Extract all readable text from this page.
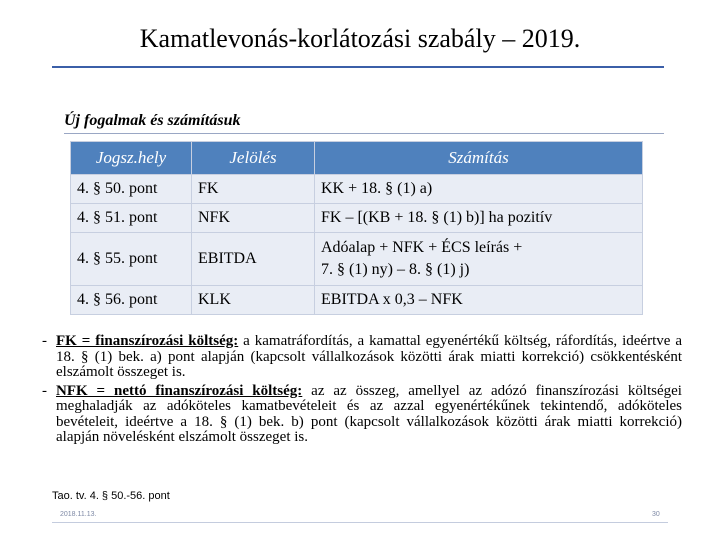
Kamatlevonás-korlátozási szabály – 2019.
Új fogalmak és számításuk
Jogsz.hely	Jelölés	Számítás
4. § 50. pont	FK	KK + 18. § (1) a)
4. § 51. pont	NFK	FK – [(KB + 18. § (1) b)] ha pozitív
4. § 55. pont	EBITDA	Adóalap + NFK + ÉCS leírás +
7. § (1) ny) – 8. § (1) j)

4. § 56. pont	KLK	EBITDA x 0,3 – NFK
- FK = finanszírozási költség: a kamatráfordítás, a kamattal egyenértékű költség, ráfordítás, ideértve a 18. § (1) bek. a) pont alapján (kapcsolt vállalkozások közötti árak miatti korrekció) csökkentésként elszámolt összeget is.
- NFK = nettó finanszírozási költség: az az összeg, amellyel az adózó finanszírozási költségei meghaladják az adóköteles kamatbevételeit és az azzal egyenértékűnek tekintendő, adóköteles bevételeit, ideértve a 18. § (1) bek. b) pont (kapcsolt vállalkozások közötti árak miatti korrekció) alapján növelésként elszámolt összeget is.
Tao. tv. 4. § 50.-56. pont
2018.11.13.	30
